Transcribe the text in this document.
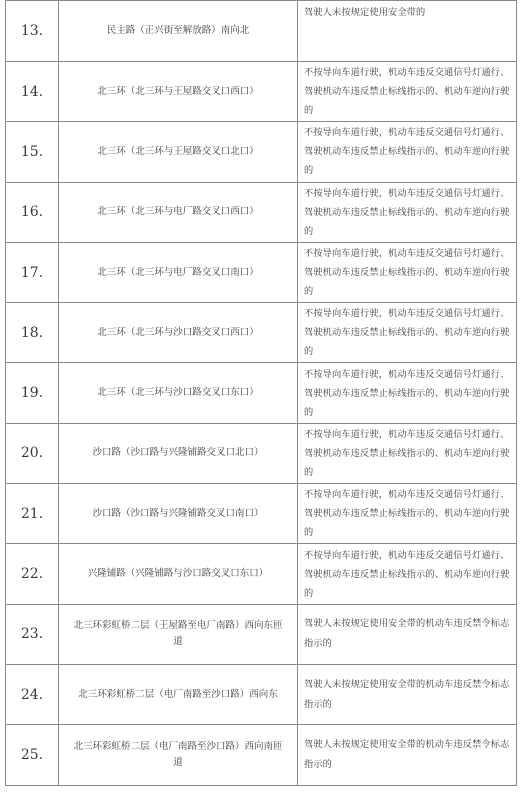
13.	民主路（正兴街至解放路）南向北	驾驶人未按规定使用安全带的
14.	北三环（北三环与王屋路交叉口西口）	不按导向车道行驶，机动车违反交通信号灯通行、驾驶机动车违反禁止标线指示的、机动车逆向行驶的
15.	北三环（北三环与王屋路交叉口北口）	不按导向车道行驶，机动车违反交通信号灯通行、驾驶机动车违反禁止标线指示的、机动车逆向行驶的
16.	北三环（北三环与电厂路交叉口西口）	不按导向车道行驶，机动车违反交通信号灯通行、驾驶机动车违反禁止标线指示的、机动车逆向行驶的
17.	北三环（北三环与电厂路交叉口南口）	不按导向车道行驶，机动车违反交通信号灯通行、驾驶机动车违反禁止标线指示的、机动车逆向行驶的
18.	北三环（北三环与沙口路交叉口西口）	不按导向车道行驶，机动车违反交通信号灯通行、驾驶机动车违反禁止标线指示的、机动车逆向行驶的
19.	北三环（北三环与沙口路交叉口东口）	不按导向车道行驶，机动车违反交通信号灯通行、驾驶机动车违反禁止标线指示的、机动车逆向行驶的
20.	沙口路（沙口路与兴隆铺路交叉口北口）	不按导向车道行驶，机动车违反交通信号灯通行、驾驶机动车违反禁止标线指示的、机动车逆向行驶的
21.	沙口路（沙口路与兴隆铺路交叉口南口）	不按导向车道行驶，机动车违反交通信号灯通行、驾驶机动车违反禁止标线指示的、机动车逆向行驶的
22.	兴隆铺路（兴隆铺路与沙口路交叉口东口）	不按导向车道行驶，机动车违反交通信号灯通行、驾驶机动车违反禁止标线指示的、机动车逆向行驶的
23.	北三环彩虹桥二层（王屋路至电厂南路）西向东匝道	驾驶人未按规定使用安全带的机动车违反禁令标志指示的
24.	北三环彩虹桥二层（电厂南路至沙口路）西向东	驾驶人未按规定使用安全带的机动车违反禁令标志指示的
25.	北三环彩虹桥二层（电厂南路至沙口路）西向南匝道	驾驶人未按规定使用安全带的机动车违反禁令标志指示的
